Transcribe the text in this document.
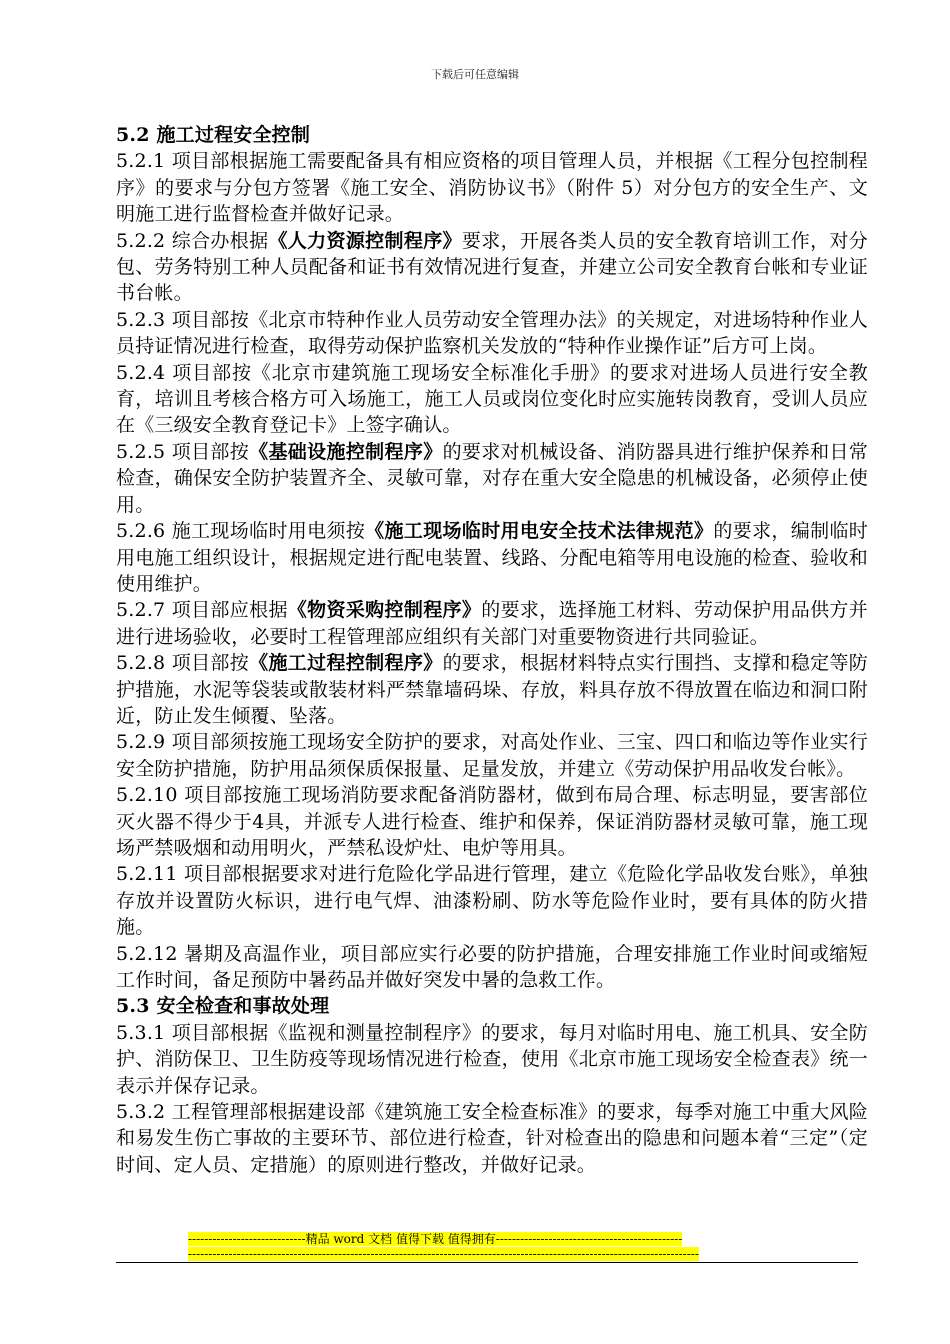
下载后可任意编辑

5.2 施工过程安全控制

5.2.1 项目部根据施工需要配备具有相应资格的项目管理人员，并根据《工程分包控制程序》的要求与分包方签署《施工安全、消防协议书》（附件 5）对分包方的安全生产、文明施工进行监督检查并做好记录。

5.2.2 综合办根据《人力资源控制程序》要求，开展各类人员的安全教育培训工作，对分包、劳务特别工种人员配备和证书有效情况进行复查，并建立公司安全教育台帐和专业证书台帐。

5.2.3 项目部按《北京市特种作业人员劳动安全管理办法》的关规定，对进场特种作业人员持证情况进行检查，取得劳动保护监察机关发放的“特种作业操作证”后方可上岗。

5.2.4 项目部按《北京市建筑施工现场安全标准化手册》的要求对进场人员进行安全教育，培训且考核合格方可入场施工，施工人员或岗位变化时应实施转岗教育，受训人员应在《三级安全教育登记卡》上签字确认。

5.2.5 项目部按《基础设施控制程序》的要求对机械设备、消防器具进行维护保养和日常检查，确保安全防护装置齐全、灵敏可靠，对存在重大安全隐患的机械设备，必须停止使用。

5.2.6 施工现场临时用电须按《施工现场临时用电安全技术法律规范》的要求，编制临时用电施工组织设计，根据规定进行配电装置、线路、分配电箱等用电设施的检查、验收和使用维护。

5.2.7 项目部应根据《物资采购控制程序》的要求，选择施工材料、劳动保护用品供方并进行进场验收，必要时工程管理部应组织有关部门对重要物资进行共同验证。

5.2.8 项目部按《施工过程控制程序》的要求，根据材料特点实行围挡、支撑和稳定等防护措施，水泥等袋装或散装材料严禁靠墙码垛、存放，料具存放不得放置在临边和洞口附近，防止发生倾覆、坠落。

5.2.9 项目部须按施工现场安全防护的要求，对高处作业、三宝、四口和临边等作业实行安全防护措施，防护用品须保质保报量、足量发放，并建立《劳动保护用品收发台帐》。

5.2.10 项目部按施工现场消防要求配备消防器材，做到布局合理、标志明显，要害部位灭火器不得少于4具，并派专人进行检查、维护和保养，保证消防器材灵敏可靠，施工现场严禁吸烟和动用明火，严禁私设炉灶、电炉等用具。

5.2.11 项目部根据要求对进行危险化学品进行管理，建立《危险化学品收发台账》，单独存放并设置防火标识，进行电气焊、油漆粉刷、防水等危险作业时，要有具体的防火措施。

5.2.12 暑期及高温作业，项目部应实行必要的防护措施，合理安排施工作业时间或缩短工作时间，备足预防中暑药品并做好突发中暑的急救工作。

5.3 安全检查和事故处理

5.3.1 项目部根据《监视和测量控制程序》的要求，每月对临时用电、施工机具、安全防护、消防保卫、卫生防疫等现场情况进行检查，使用《北京市施工现场安全检查表》统一表示并保存记录。

5.3.2 工程管理部根据建设部《建筑施工安全检查标准》的要求，每季对施工中重大风险和易发生伤亡事故的主要环节、部位进行检查，针对检查出的隐患和问题本着“三定”（定时间、定人员、定措施）的原则进行整改，并做好记录。

-----------------------------精品 word 文档 值得下载 值得拥有----------------------------------------------
------------------------------------------------------------------------------------------------------------------------------
